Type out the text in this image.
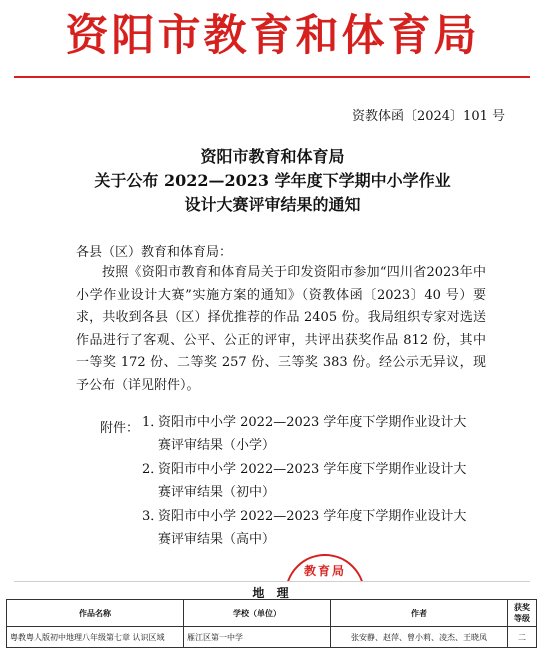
资阳市教育和体育局
资教体函〔2024〕101 号
资阳市教育和体育局
关于公布 2022—2023 学年度下学期中小学作业
设计大赛评审结果的通知
各县（区）教育和体育局：

按照《资阳市教育和体育局关于印发资阳市参加“四川省2023年中小学作业设计大赛”实施方案的通知》（资教体函〔2023〕40 号）要求，共收到各县（区）择优推荐的作品 2405 份。我局组织专家对选送作品进行了客观、公平、公正的评审，共评出获奖作品 812 份，其中一等奖 172 份、二等奖 257 份、三等奖 383 份。经公示无异议，现予公布（详见附件）。

附件： 1．
资阳市中小学 2022—2023 学年度下学期作业设计大赛评审结果（小学）
2．
资阳市中小学 2022—2023 学年度下学期作业设计大赛评审结果（初中）
3．
资阳市中小学 2022—2023 学年度下学期作业设计大赛评审结果（高中）
教育局
地 理
作品名称	学校（单位）	作者	获奖等级
粤教粤人版初中地理八年级第七章 认识区域	雁江区第一中学	张安静、赵萍、曾小莉、凌杰、王晓凤	二
